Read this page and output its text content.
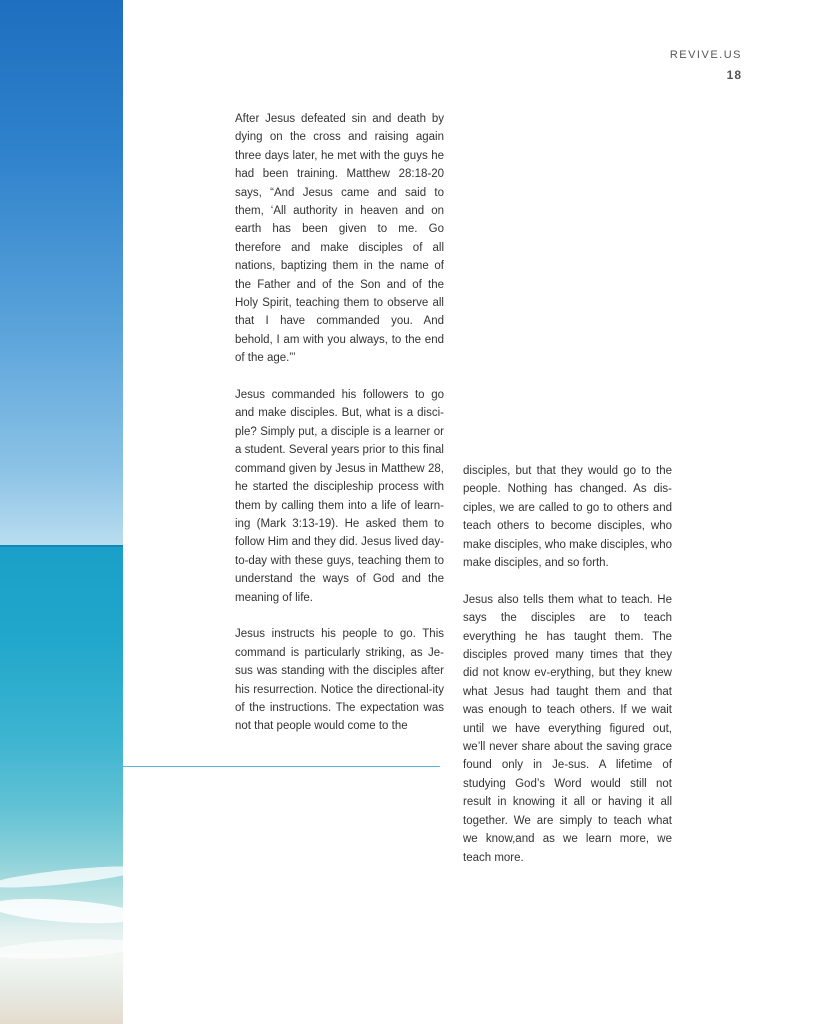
REVIVE.US
18

After Jesus defeated sin and death by dying on the cross and raising again three days later, he met with the guys he had been training. Matthew 28:18-20 says, “And Jesus came and said to them, ‘All authority in heaven and on earth has been given to me. Go therefore and make disciples of all nations, baptizing them in the name of the Father and of the Son and of the Holy Spirit, teaching them to observe all that I have commanded you. And behold, I am with you always, to the end of the age.”’

Jesus commanded his followers to go and make disciples. But, what is a disci-ple? Simply put, a disciple is a learner or a student. Several years prior to this final command given by Jesus in Matthew 28, he started the discipleship process with them by calling them into a life of learn-ing (Mark 3:13-19). He asked them to follow Him and they did. Jesus lived day-to-day with these guys, teaching them to understand the ways of God and the meaning of life.

Jesus instructs his people to go. This command is particularly striking, as Je-sus was standing with the disciples after his resurrection. Notice the directional-ity of the instructions. The expectation was not that people would come to the

disciples, but that they would go to the people. Nothing has changed. As dis-ciples, we are called to go to others and teach others to become disciples, who make disciples, who make disciples, who make disciples, and so forth.

Jesus also tells them what to teach. He says the disciples are to teach everything he has taught them. The disciples proved many times that they did not know ev-erything, but they knew what Jesus had taught them and that was enough to teach others. If we wait until we have everything figured out, we’ll never share about the saving grace found only in Je-sus. A lifetime of studying God’s Word would still not result in knowing it all or having it all together. We are simply to teach what we know,and as we learn more, we teach more.
